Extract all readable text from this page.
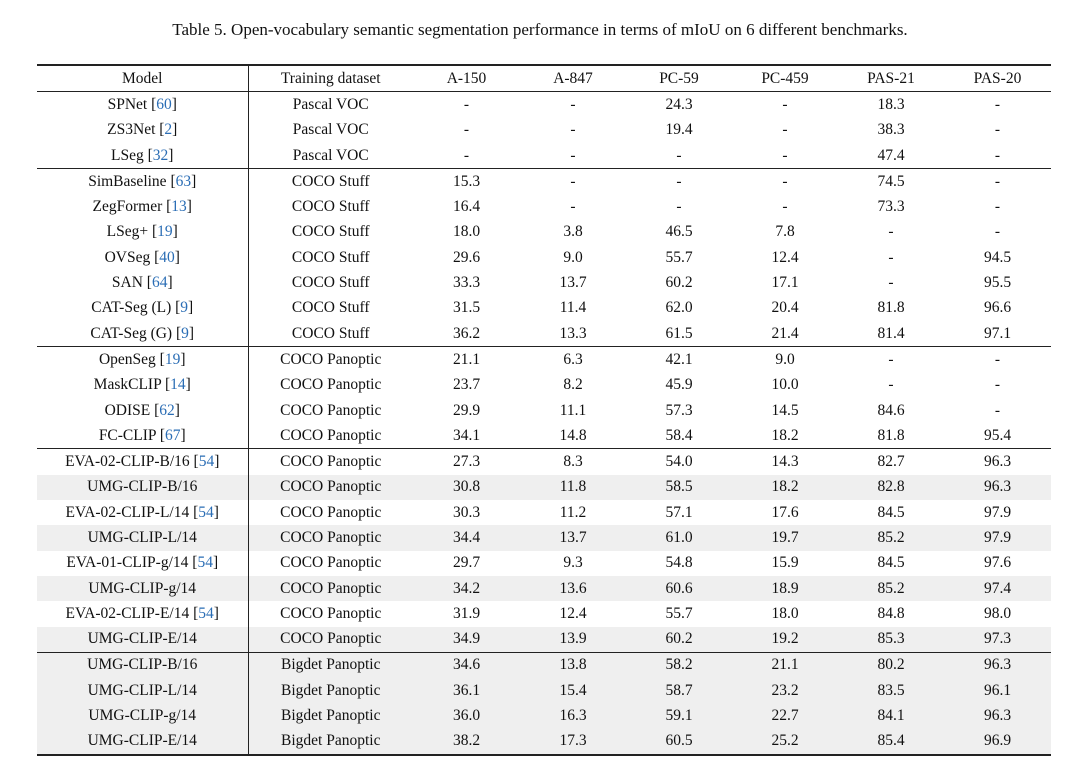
Table 5. Open-vocabulary semantic segmentation performance in terms of mIoU on 6 different benchmarks.
Model	Training dataset	A-150	A-847	PC-59	PC-459	PAS-21	PAS-20
SPNet [60]	Pascal VOC	-	-	24.3	-	18.3	-
ZS3Net [2]	Pascal VOC	-	-	19.4	-	38.3	-
LSeg [32]	Pascal VOC	-	-	-	-	47.4	-
SimBaseline [63]	COCO Stuff	15.3	-	-	-	74.5	-
ZegFormer [13]	COCO Stuff	16.4	-	-	-	73.3	-
LSeg+ [19]	COCO Stuff	18.0	3.8	46.5	7.8	-	-
OVSeg [40]	COCO Stuff	29.6	9.0	55.7	12.4	-	94.5
SAN [64]	COCO Stuff	33.3	13.7	60.2	17.1	-	95.5
CAT-Seg (L) [9]	COCO Stuff	31.5	11.4	62.0	20.4	81.8	96.6
CAT-Seg (G) [9]	COCO Stuff	36.2	13.3	61.5	21.4	81.4	97.1
OpenSeg [19]	COCO Panoptic	21.1	6.3	42.1	9.0	-	-
MaskCLIP [14]	COCO Panoptic	23.7	8.2	45.9	10.0	-	-
ODISE [62]	COCO Panoptic	29.9	11.1	57.3	14.5	84.6	-
FC-CLIP [67]	COCO Panoptic	34.1	14.8	58.4	18.2	81.8	95.4
EVA-02-CLIP-B/16 [54]	COCO Panoptic	27.3	8.3	54.0	14.3	82.7	96.3
UMG-CLIP-B/16	COCO Panoptic	30.8	11.8	58.5	18.2	82.8	96.3
EVA-02-CLIP-L/14 [54]	COCO Panoptic	30.3	11.2	57.1	17.6	84.5	97.9
UMG-CLIP-L/14	COCO Panoptic	34.4	13.7	61.0	19.7	85.2	97.9
EVA-01-CLIP-g/14 [54]	COCO Panoptic	29.7	9.3	54.8	15.9	84.5	97.6
UMG-CLIP-g/14	COCO Panoptic	34.2	13.6	60.6	18.9	85.2	97.4
EVA-02-CLIP-E/14 [54]	COCO Panoptic	31.9	12.4	55.7	18.0	84.8	98.0
UMG-CLIP-E/14	COCO Panoptic	34.9	13.9	60.2	19.2	85.3	97.3
UMG-CLIP-B/16	Bigdet Panoptic	34.6	13.8	58.2	21.1	80.2	96.3
UMG-CLIP-L/14	Bigdet Panoptic	36.1	15.4	58.7	23.2	83.5	96.1
UMG-CLIP-g/14	Bigdet Panoptic	36.0	16.3	59.1	22.7	84.1	96.3
UMG-CLIP-E/14	Bigdet Panoptic	38.2	17.3	60.5	25.2	85.4	96.9
